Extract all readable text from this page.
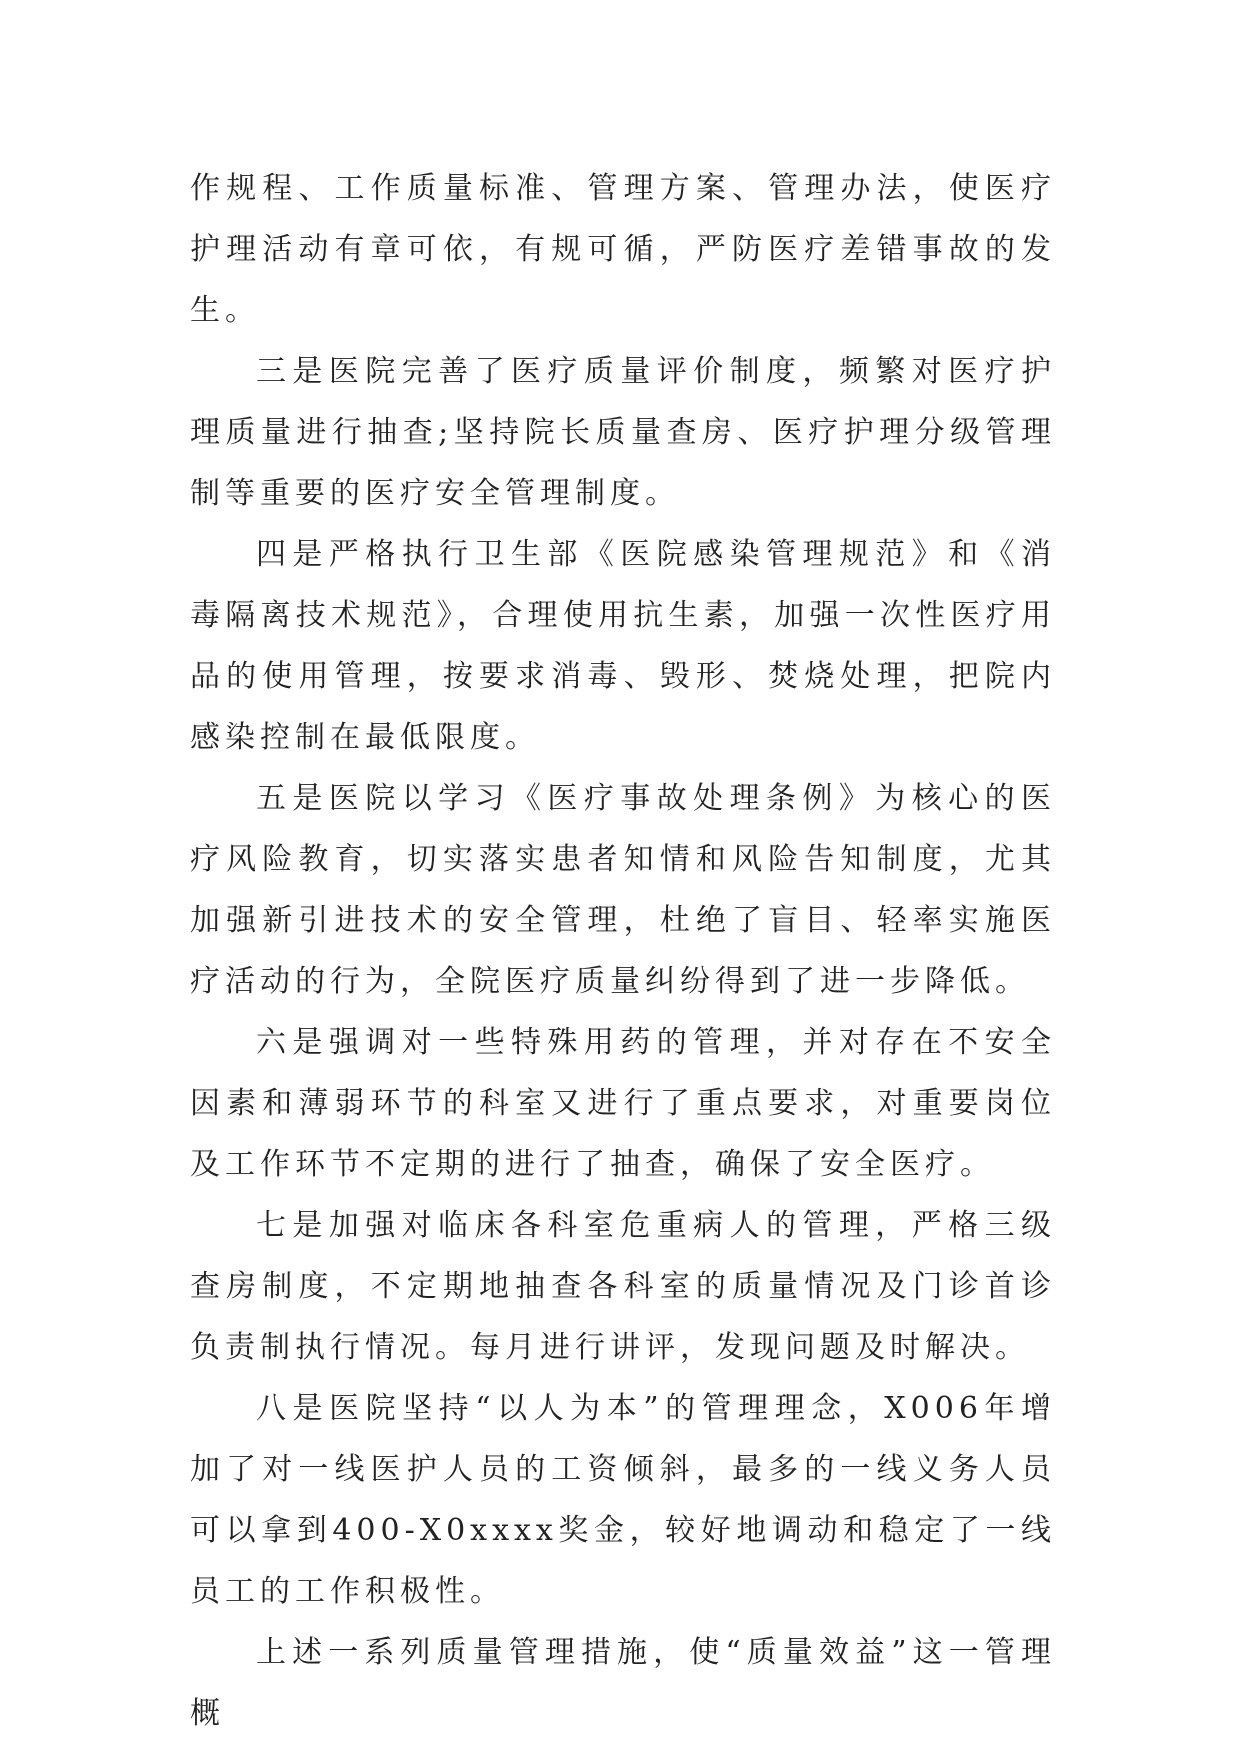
作规程、工作质量标准、管理方案、管理办法，使医疗护理活动有章可依，有规可循，严防医疗差错事故的发生。

三是医院完善了医疗质量评价制度，频繁对医疗护理质量进行抽查;坚持院长质量查房、医疗护理分级管理制等重要的医疗安全管理制度。

四是严格执行卫生部《医院感染管理规范》和《消毒隔离技术规范》，合理使用抗生素，加强一次性医疗用品的使用管理，按要求消毒、毁形、焚烧处理，把院内感染控制在最低限度。

五是医院以学习《医疗事故处理条例》为核心的医疗风险教育，切实落实患者知情和风险告知制度，尤其加强新引进技术的安全管理，杜绝了盲目、轻率实施医疗活动的行为，全院医疗质量纠纷得到了进一步降低。

六是强调对一些特殊用药的管理，并对存在不安全因素和薄弱环节的科室又进行了重点要求，对重要岗位及工作环节不定期的进行了抽查，确保了安全医疗。

七是加强对临床各科室危重病人的管理，严格三级查房制度，不定期地抽查各科室的质量情况及门诊首诊负责制执行情况。每月进行讲评，发现问题及时解决。

八是医院坚持“以人为本”的管理理念，X006年增加了对一线医护人员的工资倾斜，最多的一线义务人员可以拿到400-X0xxxx奖金，较好地调动和稳定了一线员工的工作积极性。

上述一系列质量管理措施，使“质量效益”这一管理概
